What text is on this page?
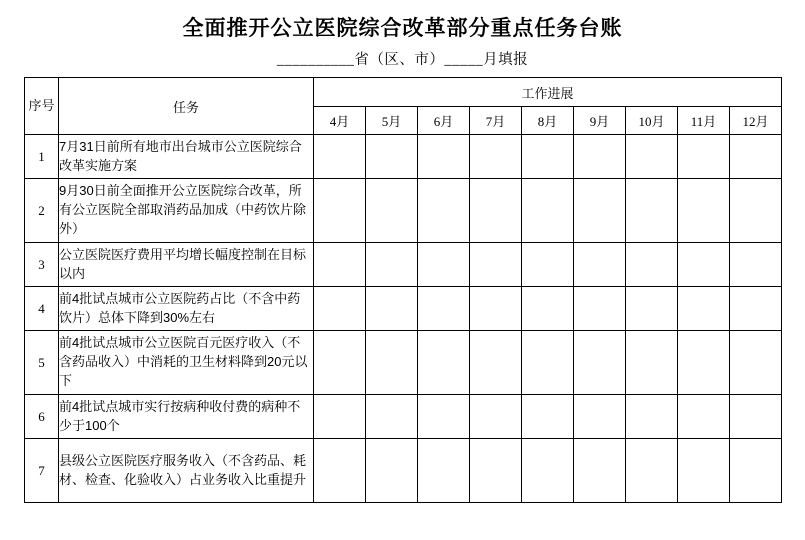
全面推开公立医院综合改革部分重点任务台账
__________省（区、市）_____月填报
序号	任务	工作进展								
		4月	5月	6月	7月	8月	9月	10月	11月	12月
1	7月31日前所有地市出台城市公立医院综合改革实施方案									
2	9月30日前全面推开公立医院综合改革，所有公立医院全部取消药品加成（中药饮片除外）									
3	公立医院医疗费用平均增长幅度控制在目标以内									
4	前4批试点城市公立医院药占比（不含中药饮片）总体下降到30%左右									
5	前4批试点城市公立医院百元医疗收入（不含药品收入）中消耗的卫生材料降到20元以下									
6	前4批试点城市实行按病种收付费的病种不少于100个									
7	县级公立医院医疗服务收入（不含药品、耗材、检查、化验收入）占业务收入比重提升									
